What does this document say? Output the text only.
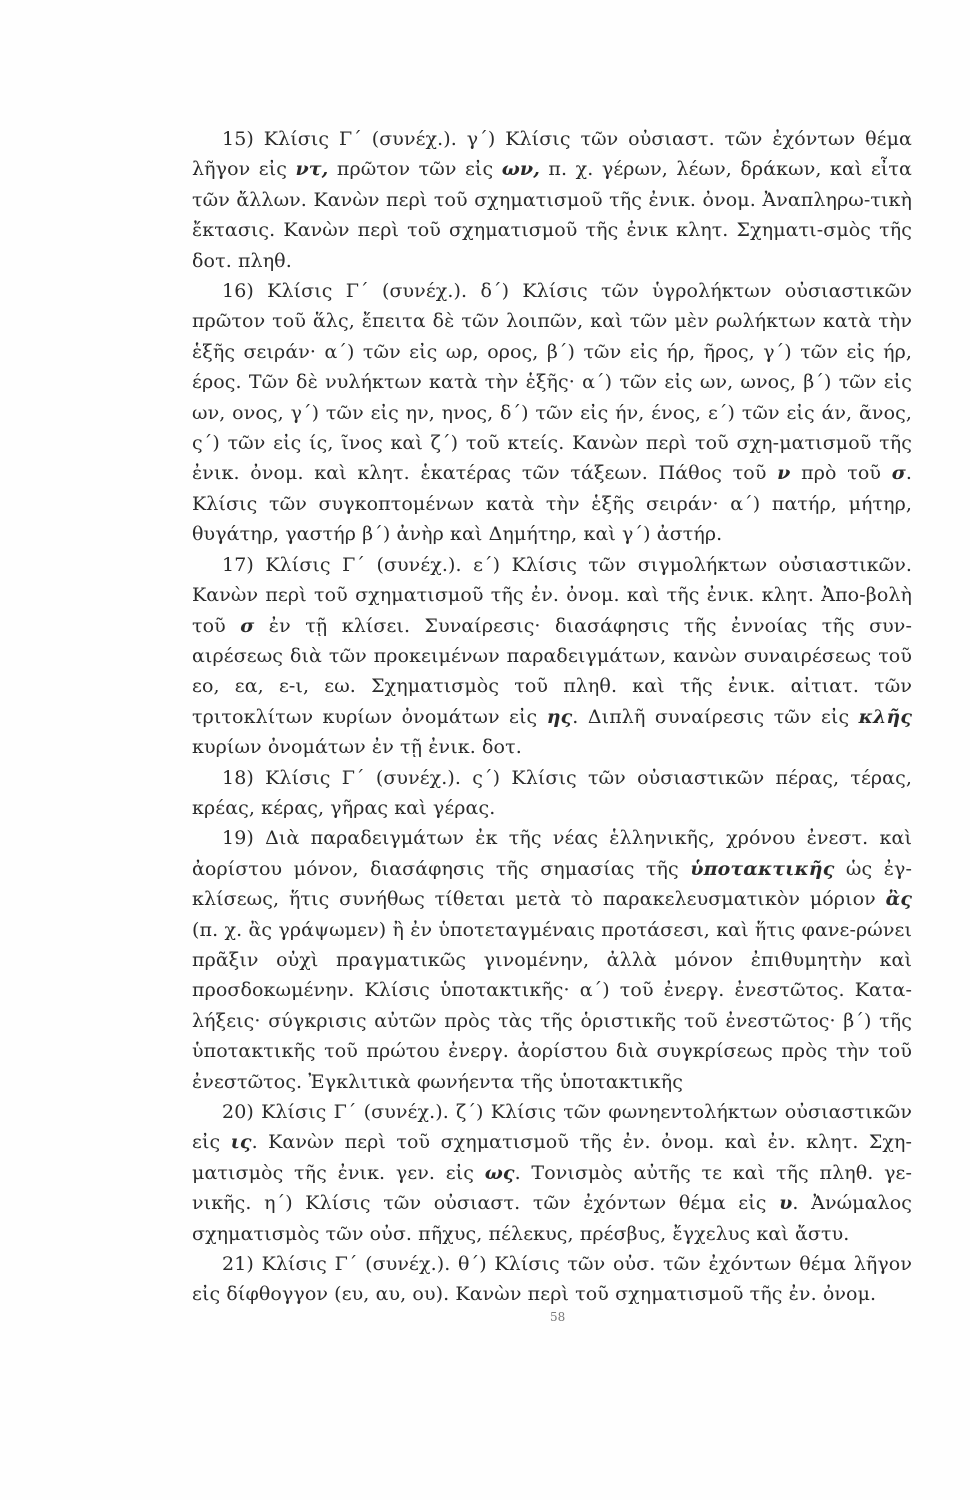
15) Κλίσις Γ΄ (συνέχ.). γ΄) Κλίσις τῶν οὐσιαστ. τῶν ἐχόντων θέμα λῆγον εἰς ντ, πρῶτον τῶν εἰς ων, π. χ. γέρων, λέων, δράκων, καὶ εἶτα τῶν ἄλλων. Κανὼν περὶ τοῦ σχηματισμοῦ τῆς ἐνικ. ὀνομ. Ἀναπληρω-τικὴ ἔκτασις. Κανὼν περὶ τοῦ σχηματισμοῦ τῆς ἐνικ κλητ. Σχηματι-σμὸς τῆς δοτ. πληθ.

16) Κλίσις Γ΄ (συνέχ.). δ΄) Κλίσις τῶν ὑγρολήκτων οὐσιαστικῶν πρῶτον τοῦ ἅλς, ἔπειτα δὲ τῶν λοιπῶν, καὶ τῶν μὲν ρωλήκτων κατὰ τὴν ἑξῆς σειράν· α΄) τῶν εἰς ωρ, ορος, β΄) τῶν εἰς ήρ, ῆρος, γ΄) τῶν εἰς ήρ, έρος. Τῶν δὲ νυλήκτων κατὰ τὴν ἑξῆς· α΄) τῶν εἰς ων, ωνος, β΄) τῶν εἰς ων, ονος, γ΄) τῶν εἰς ην, ηνος, δ΄) τῶν εἰς ήν, ένος, ε΄) τῶν εἰς άν, ᾶνος, ς΄) τῶν εἰς ίς, ῖνος καὶ ζ΄) τοῦ κτείς. Κανὼν περὶ τοῦ σχη-ματισμοῦ τῆς ἐνικ. ὀνομ. καὶ κλητ. ἑκατέρας τῶν τάξεων. Πάθος τοῦ ν πρὸ τοῦ σ. Κλίσις τῶν συγκοπτομένων κατὰ τὴν ἑξῆς σειράν· α΄) πατήρ, μήτηρ, θυγάτηρ, γαστήρ β΄) ἀνὴρ καὶ Δημήτηρ, καὶ γ΄) ἀστήρ.

17) Κλίσις Γ΄ (συνέχ.). ε΄) Κλίσις τῶν σιγμολήκτων οὐσιαστικῶν. Κανὼν περὶ τοῦ σχηματισμοῦ τῆς ἐν. ὀνομ. καὶ τῆς ἐνικ. κλητ. Ἀπο-βολὴ τοῦ σ ἐν τῇ κλίσει. Συναίρεσις· διασάφησις τῆς ἐννοίας τῆς συν-αιρέσεως διὰ τῶν προκειμένων παραδειγμάτων, κανὼν συναιρέσεως τοῦ εο, εα, ε-ι, εω. Σχηματισμὸς τοῦ πληθ. καὶ τῆς ἐνικ. αἰτιατ. τῶν τριτοκλίτων κυρίων ὀνομάτων εἰς ης. Διπλῆ συναίρεσις τῶν εἰς κλῆς κυρίων ὀνομάτων ἐν τῇ ἐνικ. δοτ.

18) Κλίσις Γ΄ (συνέχ.). ς΄) Κλίσις τῶν οὐσιαστικῶν πέρας, τέρας, κρέας, κέρας, γῆρας καὶ γέρας.

19) Διὰ παραδειγμάτων ἐκ τῆς νέας ἑλληνικῆς, χρόνου ἐνεστ. καὶ ἀορίστου μόνον, διασάφησις τῆς σημασίας τῆς ὑποτακτικῆς ὡς ἐγ-κλίσεως, ἥτις συνήθως τίθεται μετὰ τὸ παρακελευσματικὸν μόριον ἂς (π. χ. ἂς γράψωμεν) ἢ ἐν ὑποτεταγμέναις προτάσεσι, καὶ ἥτις φανε-ρώνει πρᾶξιν οὐχὶ πραγματικῶς γινομένην, ἀλλὰ μόνον ἐπιθυμητὴν καὶ προσδοκωμένην. Κλίσις ὑποτακτικῆς· α΄) τοῦ ἐνεργ. ἐνεστῶτος. Κατα-λήξεις· σύγκρισις αὐτῶν πρὸς τὰς τῆς ὁριστικῆς τοῦ ἐνεστῶτος· β΄) τῆς ὑποτακτικῆς τοῦ πρώτου ἐνεργ. ἀορίστου διὰ συγκρίσεως πρὸς τὴν τοῦ ἐνεστῶτος. Ἐγκλιτικὰ φωνήεντα τῆς ὑποτακτικῆς

20) Κλίσις Γ΄ (συνέχ.). ζ΄) Κλίσις τῶν φωνηεντολήκτων οὐσιαστικῶν εἰς ις. Κανὼν περὶ τοῦ σχηματισμοῦ τῆς ἐν. ὀνομ. καὶ ἐν. κλητ. Σχη-ματισμὸς τῆς ἐνικ. γεν. εἰς ως. Τονισμὸς αὐτῆς τε καὶ τῆς πληθ. γε-νικῆς. η΄) Κλίσις τῶν οὐσιαστ. τῶν ἐχόντων θέμα εἰς υ. Ἀνώμαλος σχηματισμὸς τῶν οὐσ. πῆχυς, πέλεκυς, πρέσβυς, ἔγχελυς καὶ ἄστυ.

21) Κλίσις Γ΄ (συνέχ.). θ΄) Κλίσις τῶν οὐσ. τῶν ἐχόντων θέμα λῆγον εἰς δίφθογγον (ευ, αυ, ου). Κανὼν περὶ τοῦ σχηματισμοῦ τῆς ἐν. ὀνομ.

58
